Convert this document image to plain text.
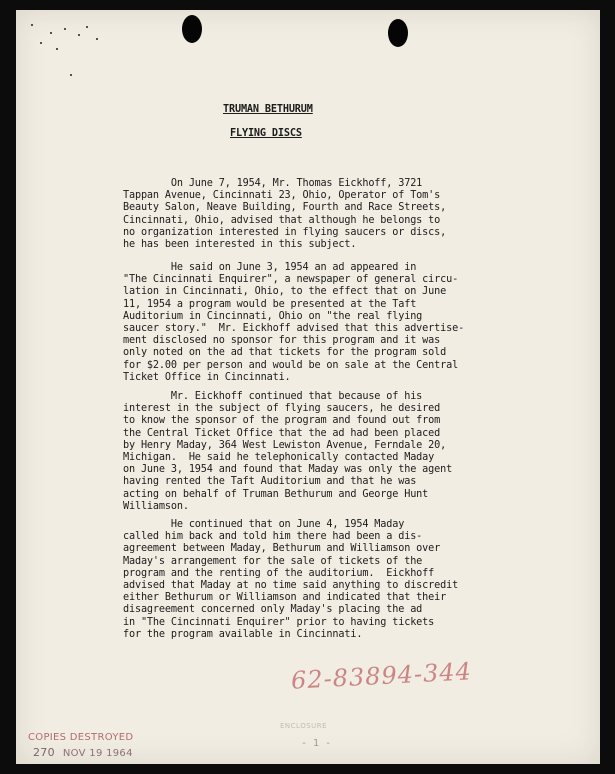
TRUMAN BETHURUM
FLYING DISCS
On June 7, 1954, Mr. Thomas Eickhoff, 3721
Tappan Avenue, Cincinnati 23, Ohio, Operator of Tom's
Beauty Salon, Neave Building, Fourth and Race Streets,
Cincinnati, Ohio, advised that although he belongs to
no organization interested in flying saucers or discs,
he has been interested in this subject.
He said on June 3, 1954 an ad appeared in
"The Cincinnati Enquirer", a newspaper of general circu-
lation in Cincinnati, Ohio, to the effect that on June
11, 1954 a program would be presented at the Taft
Auditorium in Cincinnati, Ohio on "the real flying
saucer story."  Mr. Eickhoff advised that this advertise-
ment disclosed no sponsor for this program and it was
only noted on the ad that tickets for the program sold
for $2.00 per person and would be on sale at the Central
Ticket Office in Cincinnati.
Mr. Eickhoff continued that because of his
interest in the subject of flying saucers, he desired
to know the sponsor of the program and found out from
the Central Ticket Office that the ad had been placed
by Henry Maday, 364 West Lewiston Avenue, Ferndale 20,
Michigan.  He said he telephonically contacted Maday
on June 3, 1954 and found that Maday was only the agent
having rented the Taft Auditorium and that he was
acting on behalf of Truman Bethurum and George Hunt
Williamson.
He continued that on June 4, 1954 Maday
called him back and told him there had been a dis-
agreement between Maday, Bethurum and Williamson over
Maday's arrangement for the sale of tickets of the
program and the renting of the auditorium.  Eickhoff
advised that Maday at no time said anything to discredit
either Bethurum or Williamson and indicated that their
disagreement concerned only Maday's placing the ad
in "The Cincinnati Enquirer" prior to having tickets
for the program available in Cincinnati.
62-83894-344
ENCLOSURE
- 1 -
COPIES DESTROYED
270 NOV 19 1964
